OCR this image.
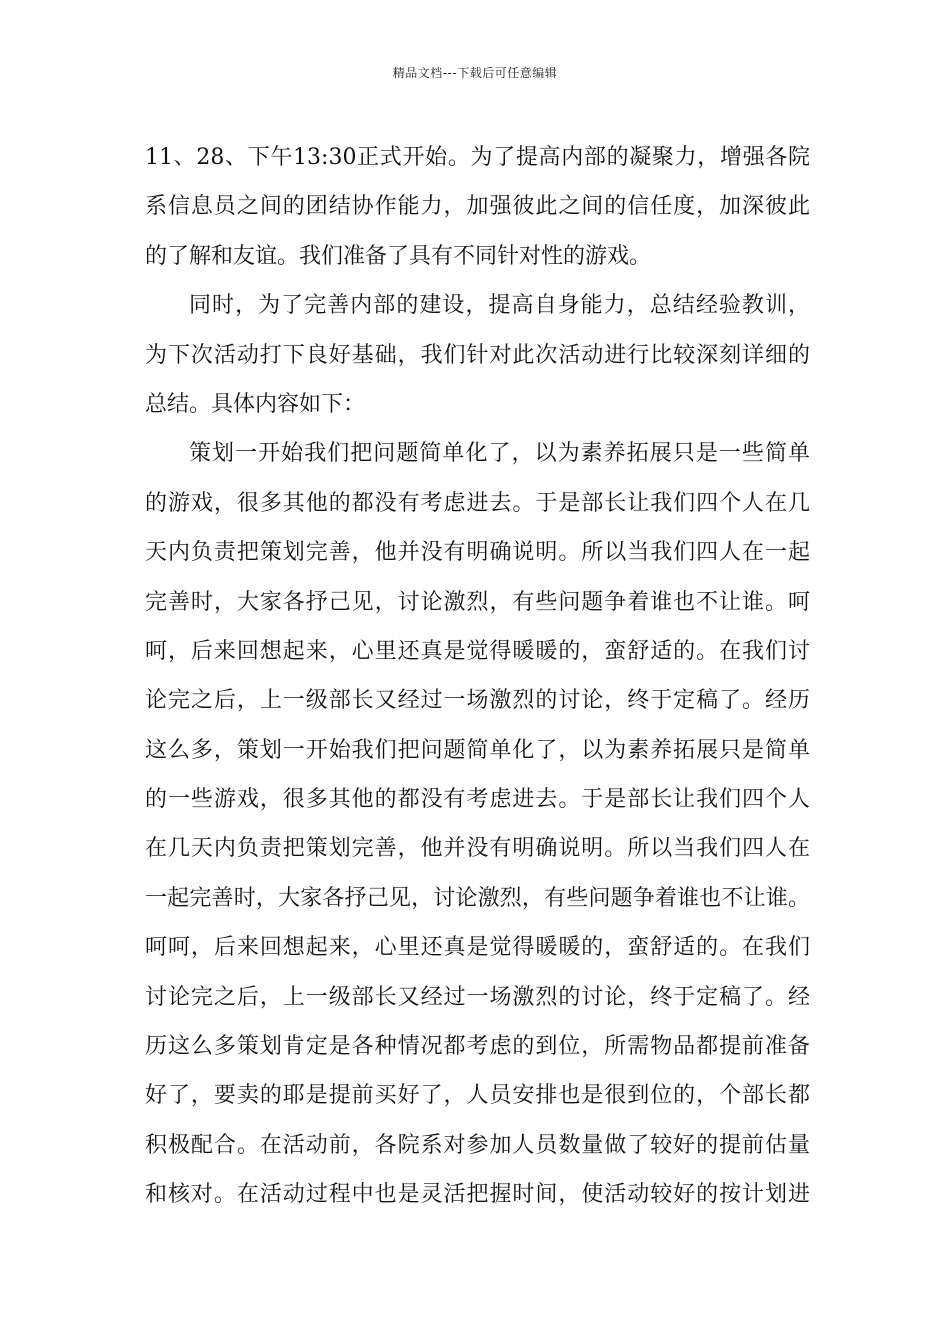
精品文档---下载后可任意编辑
11、28、下午13:30正式开始。为了提高内部的凝聚力，增强各院
系信息员之间的团结协作能力，加强彼此之间的信任度，加深彼此
的了解和友谊。我们准备了具有不同针对性的游戏。
同时，为了完善内部的建设，提高自身能力，总结经验教训，
为下次活动打下良好基础，我们针对此次活动进行比较深刻详细的
总结。具体内容如下：
策划一开始我们把问题简单化了，以为素养拓展只是一些简单
的游戏，很多其他的都没有考虑进去。于是部长让我们四个人在几
天内负责把策划完善，他并没有明确说明。所以当我们四人在一起
完善时，大家各抒己见，讨论激烈，有些问题争着谁也不让谁。呵
呵，后来回想起来，心里还真是觉得暖暖的，蛮舒适的。在我们讨
论完之后，上一级部长又经过一场激烈的讨论，终于定稿了。经历
这么多，策划一开始我们把问题简单化了，以为素养拓展只是简单
的一些游戏，很多其他的都没有考虑进去。于是部长让我们四个人
在几天内负责把策划完善，他并没有明确说明。所以当我们四人在
一起完善时，大家各抒己见，讨论激烈，有些问题争着谁也不让谁。
呵呵，后来回想起来，心里还真是觉得暖暖的，蛮舒适的。在我们
讨论完之后，上一级部长又经过一场激烈的讨论，终于定稿了。经
历这么多策划肯定是各种情况都考虑的到位，所需物品都提前准备
好了，要卖的耶是提前买好了，人员安排也是很到位的，个部长都
积极配合。在活动前，各院系对参加人员数量做了较好的提前估量
和核对。在活动过程中也是灵活把握时间，使活动较好的按计划进
